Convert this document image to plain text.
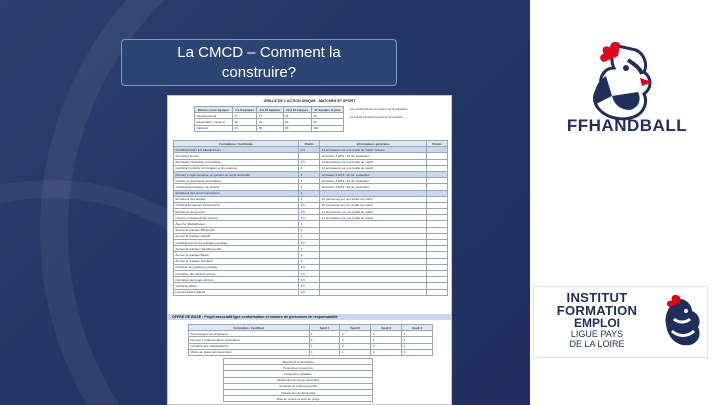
La CMCD – Comment la construire?
GRILLE DE L'ACTION UNIQUE - MATCHES ET SPORT
Niveau / pour équipes	1 à 8 équipes	9 à 16 équipes	10 à 16 équipes	17 équipes et plus
Départemental	17	17	16	20
Régionales / national	30	42	64	90
National	40	60	80	100
Les points obtenus au support de la réalisation
La saison d'enclenchement de la formation
Formations / Certificats	Points	Informations générales	Points
POURSUIVANT EN SIEGE/PLAN	0.5	11 animateurs sur une feuille de match incluant	
Animateur jeunes		animation 1 EPS / 10 réf. évaluation	
Animateur Intégration et handicap	1.5	11 animateurs sur une feuille de match	
Certificat Conduire la formation et les séances	4	11 animateurs sur une feuille de match	
Premier 1 réglementation en gestion de projet associatif	4	animation 1 EPS / 10 réf. évaluation	
Gestion et techniques associatives	3	animation 1 EPS / 10 réf. évaluation	
Certificat Développer son activité	3	animation 1 EPS / 10 réf. évaluation	
Entraîneur des jeunes territoriaux	4		
Entraîneur des adultes	4	10 personnes sur une feuille de match	
Certificat Entraîneur Performance	4.5	10 personnes sur une feuille de match	
Entraîneur des jeunes	4.5	11 animateurs sur une feuille de match	
Licence professionnelle sportive	1.5	11 animateurs sur une feuille de match	
Âge d'or Médiathèque	1		
Animer la pratique Babyhand	4		
Animer la pratique Handfit	4		
Certificat Animer les pratiques sociales	4.5		
Animer la pratique Hand'Ensemble	4		
Animer la pratique Beach	4		
Animer la pratique Sandball	4		
Certificat des pratiques sociales	3.5		
Formation des arbitres jeunes	1.5		
Formation des juges-arbitres	3.5		
Certificat arbitre	3.5		
Licence arbitre fédéral	3.5		
OFFRE DE BASE : Projet associatif type conformation et nombre de personnes en responsabilité
Formation / Certificat	Seuil 1	Seuil 2	Seuil 3	Seuil 4
Accompagner les dirigeants	1	2	3	4
Premier 1 réglementation associative	1	2	3	4
Conduire des manifestations	1	2	3	4
Mettre en place des bénévoles	1	1	2	3
Objectif de la démarche
Personnes ressources
Diagnostic préalable
Élaboration du projet associatif
Conduite du projet associatif
Valorisation du bénévolat
Mise en œuvre et suivi du projet
FFHANDBALL
INSTITUT
FORMATION
EMPLOI
LIGUE PAYS
DE LA LOIRE
